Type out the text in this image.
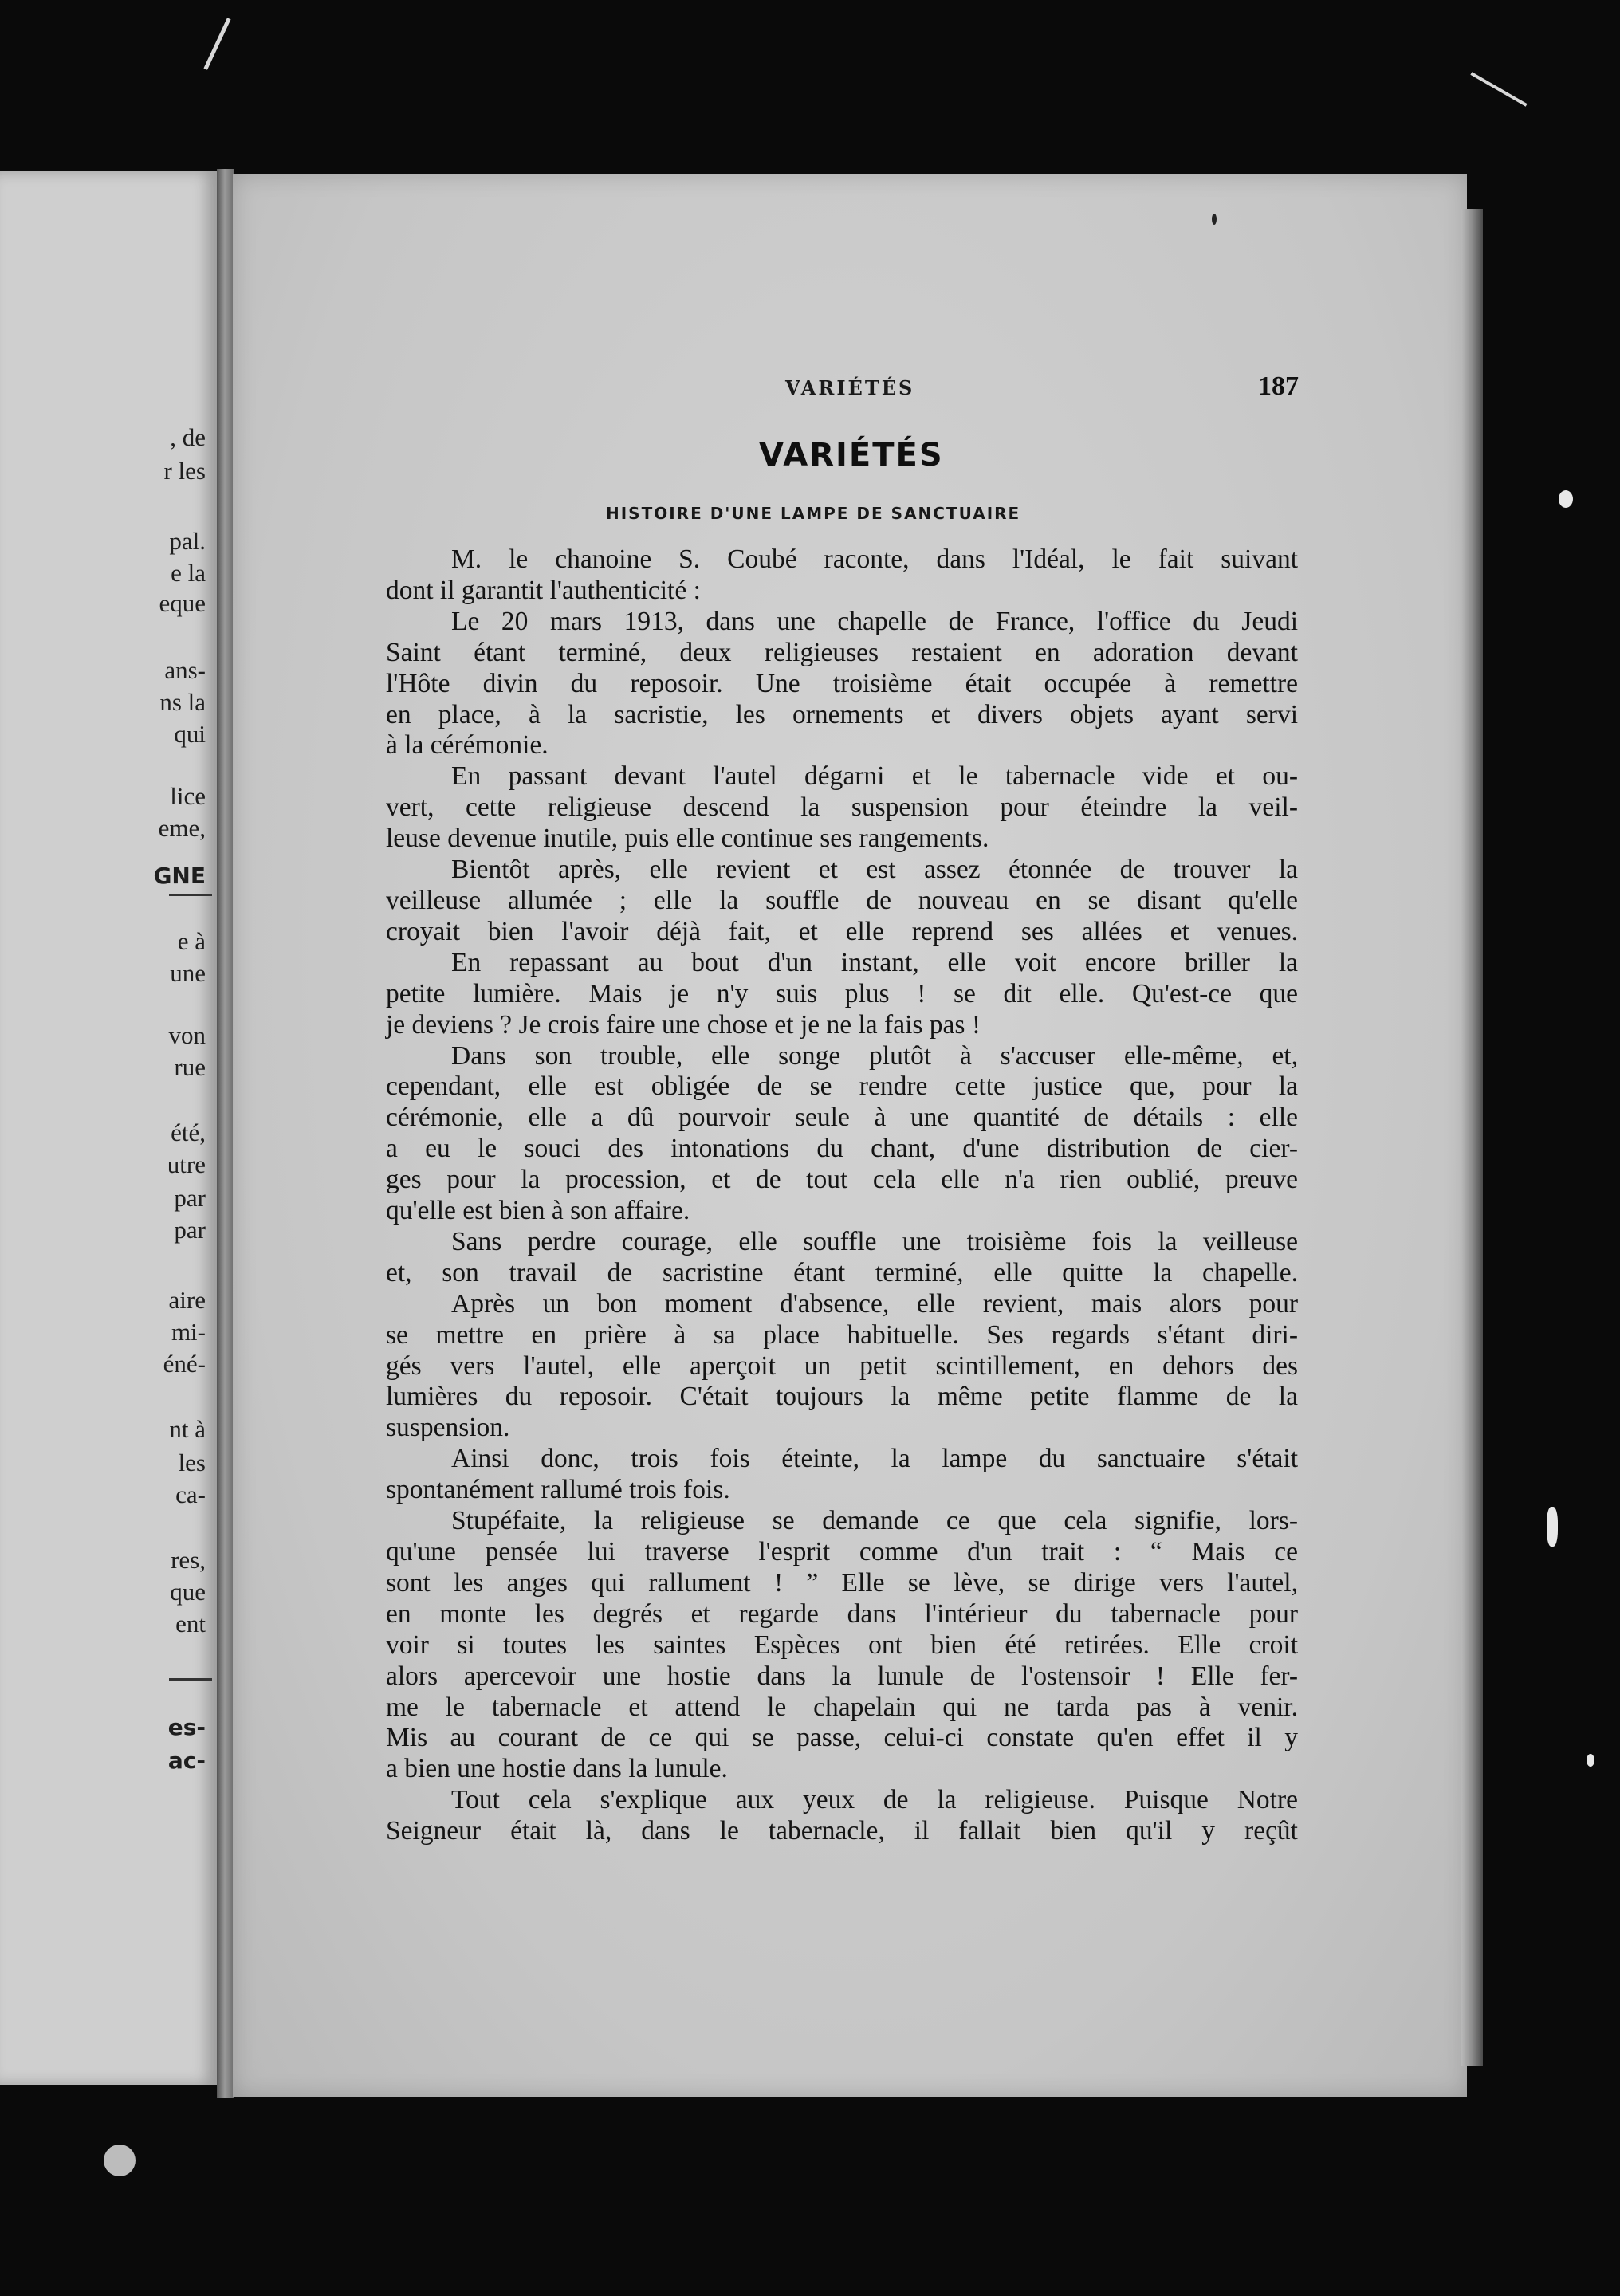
, de
r les
pal.
e la
eque
ans-
ns la
qui
lice
eme,
GNE
e à
une
von
rue
été,
utre
par
par
aire
mi-
éné-
nt à
les
ca-
res,
que
ent
es-
ac-
VARIÉTÉS	187
VARIÉTÉS
HISTOIRE D'UNE LAMPE DE SANCTUAIRE
M. le chanoine S. Coubé raconte, dans l'Idéal, le fait suivant
dont il garantit l'authenticité :
Le 20 mars 1913, dans une chapelle de France, l'office du Jeudi
Saint étant terminé, deux religieuses restaient en adoration devant
l'Hôte divin du reposoir. Une troisième était occupée à remettre
en place, à la sacristie, les ornements et divers objets ayant servi
à la cérémonie.
En passant devant l'autel dégarni et le tabernacle vide et ou-
vert, cette religieuse descend la suspension pour éteindre la veil-
leuse devenue inutile, puis elle continue ses rangements.
Bientôt après, elle revient et est assez étonnée de trouver la
veilleuse allumée ; elle la souffle de nouveau en se disant qu'elle
croyait bien l'avoir déjà fait, et elle reprend ses allées et venues.
En repassant au bout d'un instant, elle voit encore briller la
petite lumière. Mais je n'y suis plus ! se dit elle. Qu'est-ce que
je deviens ? Je crois faire une chose et je ne la fais pas !
Dans son trouble, elle songe plutôt à s'accuser elle-même, et,
cependant, elle est obligée de se rendre cette justice que, pour la
cérémonie, elle a dû pourvoir seule à une quantité de détails : elle
a eu le souci des intonations du chant, d'une distribution de cier-
ges pour la procession, et de tout cela elle n'a rien oublié, preuve
qu'elle est bien à son affaire.
Sans perdre courage, elle souffle une troisième fois la veilleuse
et, son travail de sacristine étant terminé, elle quitte la chapelle.
Après un bon moment d'absence, elle revient, mais alors pour
se mettre en prière à sa place habituelle. Ses regards s'étant diri-
gés vers l'autel, elle aperçoit un petit scintillement, en dehors des
lumières du reposoir. C'était toujours la même petite flamme de la
suspension.
Ainsi donc, trois fois éteinte, la lampe du sanctuaire s'était
spontanément rallumé trois fois.
Stupéfaite, la religieuse se demande ce que cela signifie, lors-
qu'une pensée lui traverse l'esprit comme d'un trait : “ Mais ce
sont les anges qui rallument ! ” Elle se lève, se dirige vers l'autel,
en monte les degrés et regarde dans l'intérieur du tabernacle pour
voir si toutes les saintes Espèces ont bien été retirées. Elle croit
alors apercevoir une hostie dans la lunule de l'ostensoir ! Elle fer-
me le tabernacle et attend le chapelain qui ne tarda pas à venir.
Mis au courant de ce qui se passe, celui-ci constate qu'en effet il y
a bien une hostie dans la lunule.
Tout cela s'explique aux yeux de la religieuse. Puisque Notre
Seigneur était là, dans le tabernacle, il fallait bien qu'il y reçût
